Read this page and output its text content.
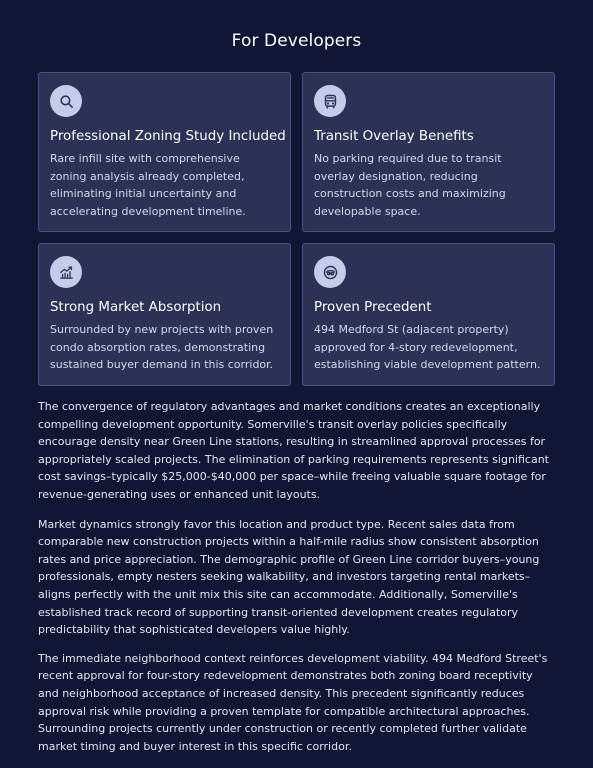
For Developers
Professional Zoning Study Included

Rare infill site with comprehensive zoning analysis already completed, eliminating initial uncertainty and accelerating development timeline.

Transit Overlay Benefits

No parking required due to transit overlay designation, reducing construction costs and maximizing developable space.

Strong Market Absorption

Surrounded by new projects with proven condo absorption rates, demonstrating sustained buyer demand in this corridor.

Proven Precedent

494 Medford St (adjacent property) approved for 4-story redevelopment, establishing viable development pattern.

The convergence of regulatory advantages and market conditions creates an exceptionally compelling development opportunity. Somerville's transit overlay policies specifically encourage density near Green Line stations, resulting in streamlined approval processes for appropriately scaled projects. The elimination of parking requirements represents significant cost savings–typically $25,000-$40,000 per space–while freeing valuable square footage for revenue-generating uses or enhanced unit layouts.

Market dynamics strongly favor this location and product type. Recent sales data from comparable new construction projects within a half-mile radius show consistent absorption rates and price appreciation. The demographic profile of Green Line corridor buyers–young professionals, empty nesters seeking walkability, and investors targeting rental markets–aligns perfectly with the unit mix this site can accommodate. Additionally, Somerville's established track record of supporting transit-oriented development creates regulatory predictability that sophisticated developers value highly.

The immediate neighborhood context reinforces development viability. 494 Medford Street's recent approval for four-story redevelopment demonstrates both zoning board receptivity and neighborhood acceptance of increased density. This precedent significantly reduces approval risk while providing a proven template for compatible architectural approaches. Surrounding projects currently under construction or recently completed further validate market timing and buyer interest in this specific corridor.
